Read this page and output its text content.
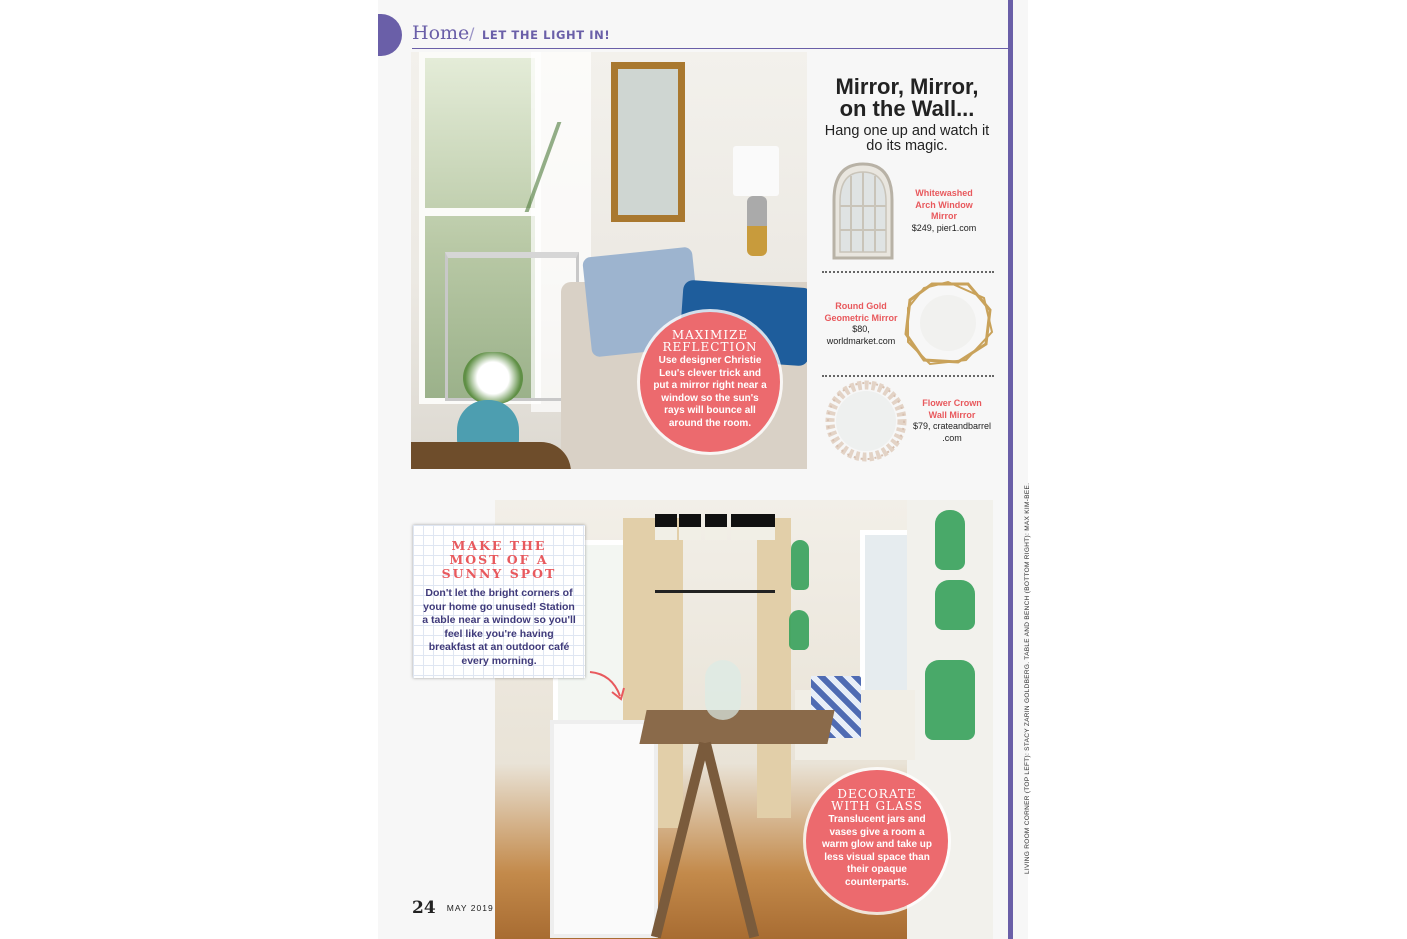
Home / LET THE LIGHT IN!
MAXIMIZE
REFLECTION
Use designer Christie Leu's clever trick and put a mirror right near a window so the sun's rays will bounce all around the room.
Mirror, Mirror,
on the Wall...
Hang one up and watch it do its magic.
Whitewashed Arch Window Mirror
$249, pier1.com
Round Gold Geometric Mirror
$80, worldmarket.com
Flower Crown Wall Mirror
$79, crateandbarrel .com
MAKE THE
MOST OF A
SUNNY SPOT
Don't let the bright corners of your home go unused! Station a table near a window so you'll feel like you're having breakfast at an outdoor café every morning.
DECORATE
WITH GLASS
Translucent jars and vases give a room a warm glow and take up less visual space than their opaque counterparts.
24 MAY 2019
LIVING ROOM CORNER (TOP LEFT): STACY ZARIN GOLDBERG. TABLE AND BENCH (BOTTOM RIGHT): MAX KIM-BEE.
